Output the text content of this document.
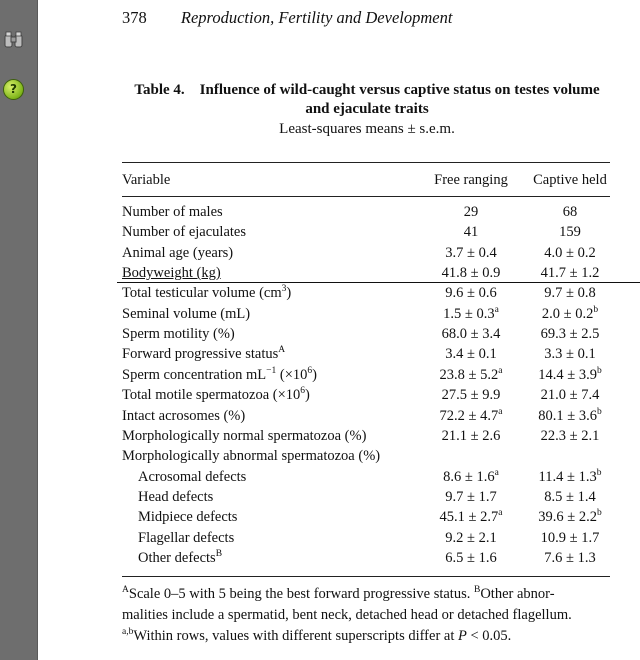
?
378 Reproduction, Fertility and Development
Table 4. Influence of wild-caught versus captive status on testes volume
and ejaculate traits
Least-squares means ± s.e.m.
Variable	Free ranging	Captive held
Number of males	29	68
Number of ejaculates	41	159
Animal age (years)	3.7 ± 0.4	4.0 ± 0.2
Bodyweight (kg)	41.8 ± 0.9	41.7 ± 1.2
Total testicular volume $(cm^3)$	9.6 ± 0.6	9.7 ± 0.8
Seminal volume (mL)	1.5 ± 0.3$^a$	2.0 ± 0.2$^b$
Sperm motility (%)	68.0 ± 3.4	69.3 ± 2.5
Forward progressive status$^A$	3.4 ± 0.1	3.3 ± 0.1
Sperm concentration $mL^{-1}$ $(\times 10^6)$	23.8 ± 5.2$^a$	14.4 ± 3.9$^b$
Total motile spermatozoa $(\times 10^6)$	27.5 ± 9.9	21.0 ± 7.4
Intact acrosomes (%)	72.2 ± 4.7$^a$	80.1 ± 3.6$^b$
Morphologically normal spermatozoa (%)	21.1 ± 2.6	22.3 ± 2.1
Morphologically abnormal spermatozoa (%)
Acrosomal defects	8.6 ± 1.6$^a$	11.4 ± 1.3$^b$
Head defects	9.7 ± 1.7	8.5 ± 1.4
Midpiece defects	45.1 ± 2.7$^a$	39.6 ± 2.2$^b$
Flagellar defects	9.2 ± 2.1	10.9 ± 1.7
Other defects$^B$	6.5 ± 1.6	7.6 ± 1.3
$^A$Scale 0–5 with 5 being the best forward progressive status. $^B$Other abnor-
malities include a spermatid, bent neck, detached head or detached flagellum.
$^{a,b}$Within rows, values with different superscripts differ at P < 0.05.
